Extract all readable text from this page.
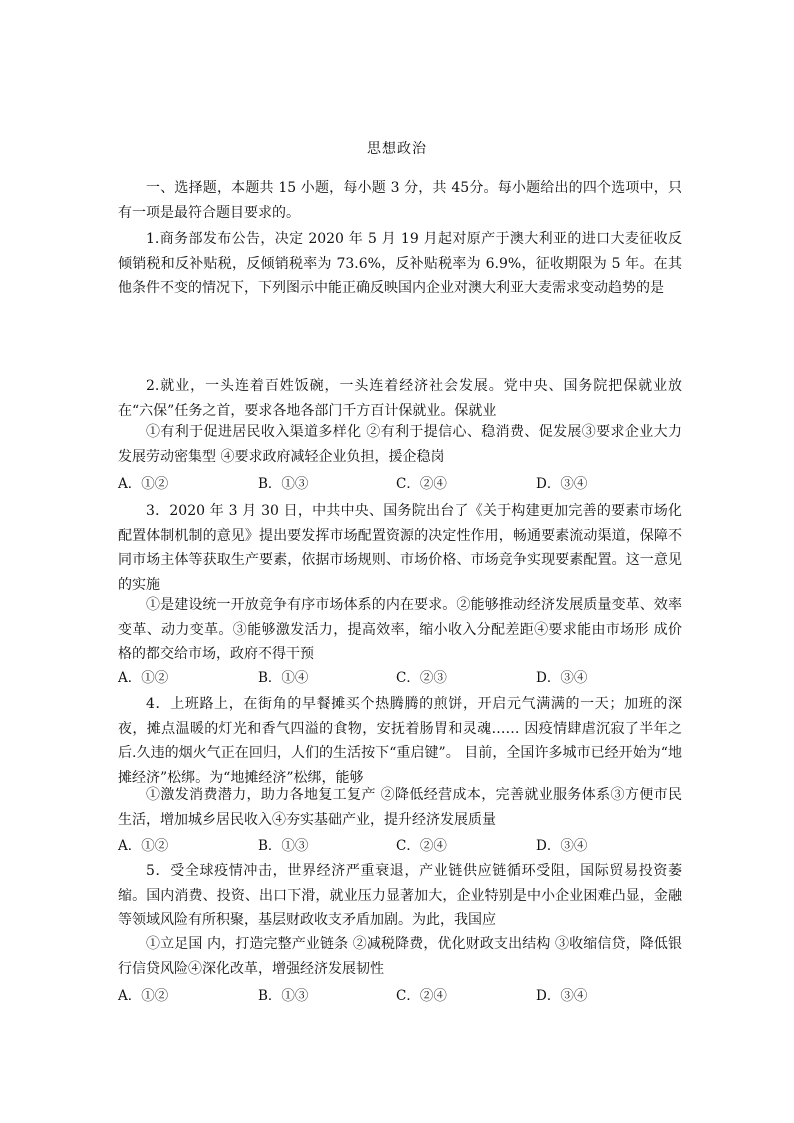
思想政治

一、选择题，本题共 15 小题，每小题 3 分，共 45分。每小题给出的四个选项中，只有一项是最符合题目要求的。

1.商务部发布公告，决定 2020 年 5 月 19 月起对原产于澳大利亚的进口大麦征收反倾销税和反补贴税，反倾销税率为 73.6%，反补贴税率为 6.9%，征收期限为 5 年。在其他条件不变的情况下，下列图示中能正确反映国内企业对澳大利亚大麦需求变动趋势的是

2.就业，一头连着百姓饭碗，一头连着经济社会发展。党中央、国务院把保就业放在“六保”任务之首，要求各地各部门千方百计保就业。保就业

①有利于促进居民收入渠道多样化 ②有利于提信心、稳消费、促发展③要求企业大力发展劳动密集型 ④要求政府减轻企业负担，援企稳岗

A．①②	B．①③	C．②④	D．③④

3．2020 年 3 月 30 日，中共中央、国务院出台了《关于构建更加完善的要素市场化配置体制机制的意见》提出要发挥市场配置资源的决定性作用，畅通要素流动渠道，保障不同市场主体等获取生产要素，依据市场规则、市场价格、市场竞争实现要素配置。这一意见的实施

①是建设统一开放竞争有序市场体系的内在要求。②能够推动经济发展质量变革、效率变革、动力变革。③能够激发活力，提高效率，缩小收入分配差距④要求能由市场形 成价格的都交给市场，政府不得干预

A．①②	B．①④	C．②③	D．③④

4．上班路上，在街角的早餐摊买个热腾腾的煎饼，开启元气满满的一天；加班的深夜，摊点温暖的灯光和香气四溢的食物，安抚着肠胃和灵魂…… 因疫情肆虐沉寂了半年之后.久违的烟火气正在回归，人们的生活按下“重启键”。 目前，全国许多城市已经开始为“地摊经济”松绑。为“地摊经济”松绑，能够

①激发消费潜力，助力各地复工复产 ②降低经营成本，完善就业服务体系③方便市民生活，增加城乡居民收入④夯实基础产业，提升经济发展质量

A．①②	B．①③	C．②④	D．③④

5．受全球疫情冲击，世界经济严重衰退，产业链供应链循环受阻，国际贸易投资萎缩。国内消费、投资、出口下滑，就业压力显著加大，企业特别是中小企业困难凸显，金融等领域风险有所积聚，基层财政收支矛盾加剧。为此，我国应

①立足国 内，打造完整产业链条 ②减税降费，优化财政支出结构 ③收缩信贷，降低银行信贷风险④深化改革，增强经济发展韧性

A．①②	B．①③	C．②④	D．③④
